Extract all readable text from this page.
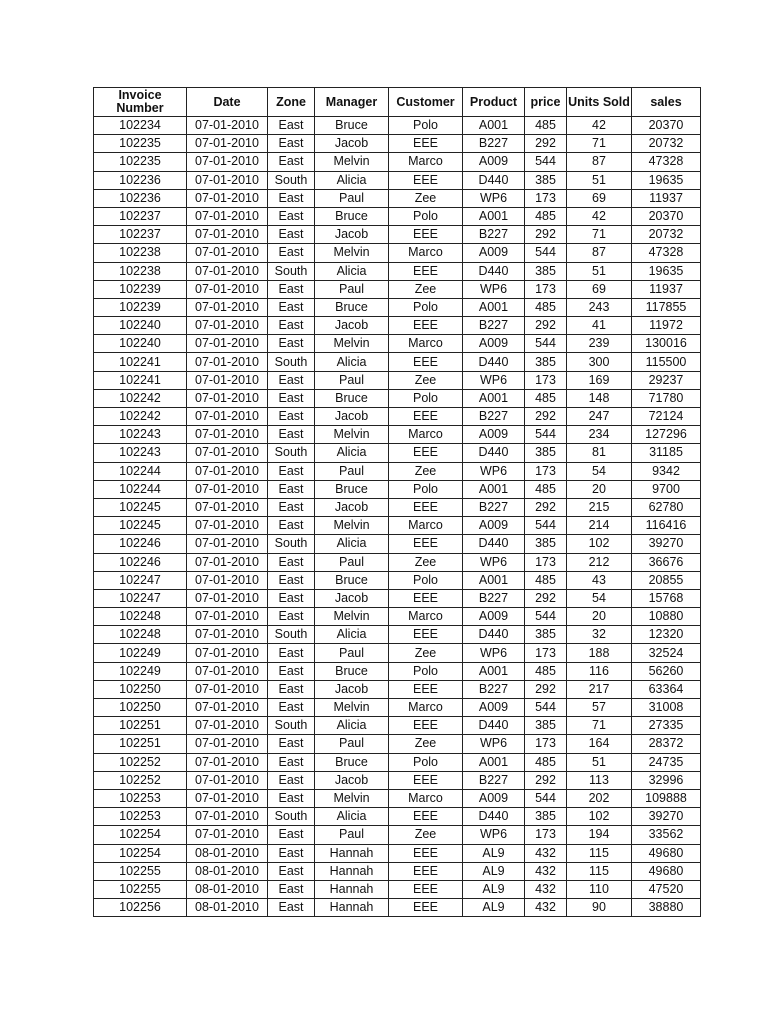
Invoice Number	Date	Zone	Manager	Customer	Product	price	Units Sold	sales
102234	07-01-2010	East	Bruce	Polo	A001	485	42	20370
102235	07-01-2010	East	Jacob	EEE	B227	292	71	20732
102235	07-01-2010	East	Melvin	Marco	A009	544	87	47328
102236	07-01-2010	South	Alicia	EEE	D440	385	51	19635
102236	07-01-2010	East	Paul	Zee	WP6	173	69	11937
102237	07-01-2010	East	Bruce	Polo	A001	485	42	20370
102237	07-01-2010	East	Jacob	EEE	B227	292	71	20732
102238	07-01-2010	East	Melvin	Marco	A009	544	87	47328
102238	07-01-2010	South	Alicia	EEE	D440	385	51	19635
102239	07-01-2010	East	Paul	Zee	WP6	173	69	11937
102239	07-01-2010	East	Bruce	Polo	A001	485	243	117855
102240	07-01-2010	East	Jacob	EEE	B227	292	41	11972
102240	07-01-2010	East	Melvin	Marco	A009	544	239	130016
102241	07-01-2010	South	Alicia	EEE	D440	385	300	115500
102241	07-01-2010	East	Paul	Zee	WP6	173	169	29237
102242	07-01-2010	East	Bruce	Polo	A001	485	148	71780
102242	07-01-2010	East	Jacob	EEE	B227	292	247	72124
102243	07-01-2010	East	Melvin	Marco	A009	544	234	127296
102243	07-01-2010	South	Alicia	EEE	D440	385	81	31185
102244	07-01-2010	East	Paul	Zee	WP6	173	54	9342
102244	07-01-2010	East	Bruce	Polo	A001	485	20	9700
102245	07-01-2010	East	Jacob	EEE	B227	292	215	62780
102245	07-01-2010	East	Melvin	Marco	A009	544	214	116416
102246	07-01-2010	South	Alicia	EEE	D440	385	102	39270
102246	07-01-2010	East	Paul	Zee	WP6	173	212	36676
102247	07-01-2010	East	Bruce	Polo	A001	485	43	20855
102247	07-01-2010	East	Jacob	EEE	B227	292	54	15768
102248	07-01-2010	East	Melvin	Marco	A009	544	20	10880
102248	07-01-2010	South	Alicia	EEE	D440	385	32	12320
102249	07-01-2010	East	Paul	Zee	WP6	173	188	32524
102249	07-01-2010	East	Bruce	Polo	A001	485	116	56260
102250	07-01-2010	East	Jacob	EEE	B227	292	217	63364
102250	07-01-2010	East	Melvin	Marco	A009	544	57	31008
102251	07-01-2010	South	Alicia	EEE	D440	385	71	27335
102251	07-01-2010	East	Paul	Zee	WP6	173	164	28372
102252	07-01-2010	East	Bruce	Polo	A001	485	51	24735
102252	07-01-2010	East	Jacob	EEE	B227	292	113	32996
102253	07-01-2010	East	Melvin	Marco	A009	544	202	109888
102253	07-01-2010	South	Alicia	EEE	D440	385	102	39270
102254	07-01-2010	East	Paul	Zee	WP6	173	194	33562
102254	08-01-2010	East	Hannah	EEE	AL9	432	115	49680
102255	08-01-2010	East	Hannah	EEE	AL9	432	115	49680
102255	08-01-2010	East	Hannah	EEE	AL9	432	110	47520
102256	08-01-2010	East	Hannah	EEE	AL9	432	90	38880
